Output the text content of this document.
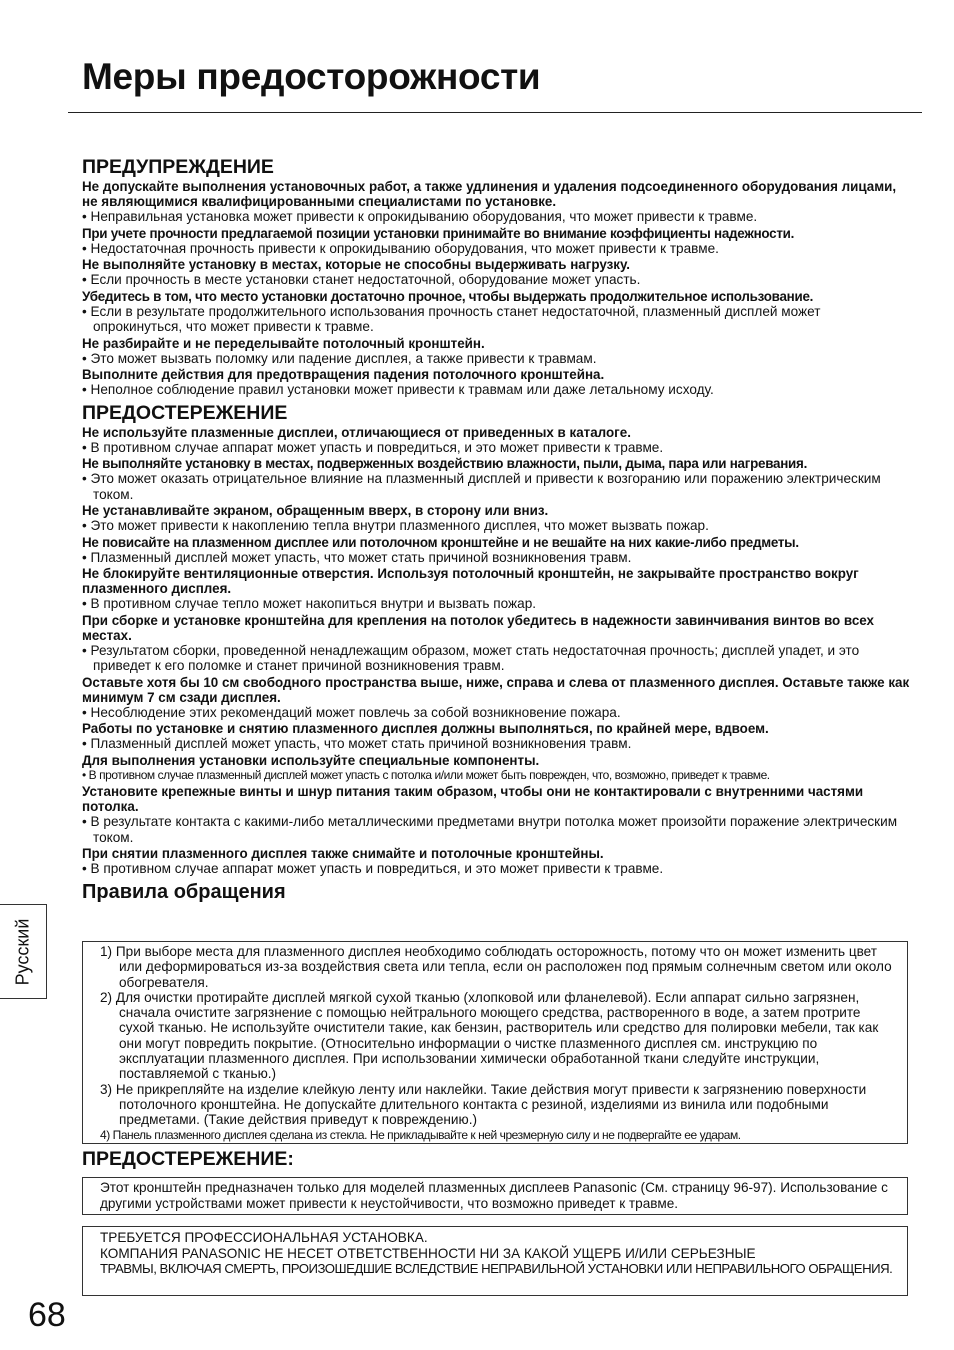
Меры предосторожности
ПРЕДУПРЕЖДЕНИЕ
Не допускайте выполнения установочных работ, а также удлинения и удаления подсоединенного оборудования лицами, не являющимися квалифицированными специалистами по установке.
• Неправильная установка может привести к опрокидыванию оборудования, что может привести к травме.
При учете прочности предлагаемой позиции установки принимайте во внимание коэффициенты надежности.
• Недостаточная прочность привести к опрокидыванию оборудования, что может привести к травме.
Не выполняйте установку в местах, которые не способны выдерживать нагрузку.
• Если прочность в месте установки станет недостаточной, оборудование может упасть.
Убедитесь в том, что место установки достаточно прочное, чтобы выдержать продолжительное использование.
• Если в результате продолжительного использования прочность станет недостаточной, плазменный дисплей может опрокинуться, что может привести к травме.
Не разбирайте и не переделывайте потолочный кронштейн.
• Это может вызвать поломку или падение дисплея, а также привести к травмам.
Выполните действия для предотвращения падения потолочного кронштейна.
• Неполное соблюдение правил установки может привести к травмам или даже летальному исходу.
ПРЕДОСТЕРЕЖЕНИЕ
Не используйте плазменные дисплеи, отличающиеся от приведенных в каталоге.
• В противном случае аппарат может упасть и повредиться, и это может привести к травме.
Не выполняйте установку в местах, подверженных воздействию влажности, пыли, дыма, пара или нагревания.
• Это может оказать отрицательное влияние на плазменный дисплей и привести к возгоранию или поражению электрическим током.
Не устанавливайте экраном, обращенным вверх, в сторону или вниз.
• Это может привести к накоплению тепла внутри плазменного дисплея, что может вызвать пожар.
Не повисайте на плазменном дисплее или потолочном кронштейне и не вешайте на них какие-либо предметы.
• Плазменный дисплей может упасть, что может стать причиной возникновения травм.
Не блокируйте вентиляционные отверстия. Используя потолочный кронштейн, не закрывайте пространство вокруг плазменного дисплея.
• В противном случае тепло может накопиться внутри и вызвать пожар.
При сборке и установке кронштейна для крепления на потолок убедитесь в надежности завинчивания винтов во всех местах.
• Результатом сборки, проведенной ненадлежащим образом, может стать недостаточная прочность; дисплей упадет, и это приведет к его поломке и станет причиной возникновения травм.
Оставьте хотя бы 10 см свободного пространства выше, ниже, справа и слева от плазменного дисплея. Оставьте также как минимум 7 см сзади дисплея.
• Несоблюдение этих рекомендаций может повлечь за собой возникновение пожара.
Работы по установке и снятию плазменного дисплея должны выполняться, по крайней мере, вдвоем.
• Плазменный дисплей может упасть, что может стать причиной возникновения травм.
Для выполнения установки используйте специальные компоненты.
• В противном случае плазменный дисплей может упасть с потолка и/или может быть поврежден, что, возможно, приведет к травме.
Установите крепежные винты и шнур питания таким образом, чтобы они не контактировали с внутренними частями потолка.
• В результате контакта с какими-либо металлическими предметами внутри потолка может произойти поражение электрическим током.
При снятии плазменного дисплея также снимайте и потолочные кронштейны.
• В противном случае аппарат может упасть и повредиться, и это может привести к травме.
Правила обращения
1) При выборе места для плазменного дисплея необходимо соблюдать осторожность, потому что он может изменить цвет или деформироваться из-за воздействия света или тепла, если он расположен под прямым солнечным светом или около обогревателя.
2) Для очистки протирайте дисплей мягкой сухой тканью (хлопковой или фланелевой). Если аппарат сильно загрязнен, сначала очистите загрязнение с помощью нейтрального моющего средства, растворенного в воде, а затем протрите сухой тканью. Не используйте очистители такие, как бензин, растворитель или средство для полировки мебели, так как они могут повредить покрытие. (Относительно информации о чистке плазменного дисплея см. инструкцию по эксплуатации плазменного дисплея. При использовании химически обработанной ткани следуйте инструкции, поставляемой с тканью.)
3) Не прикрепляйте на изделие клейкую ленту или наклейки. Такие действия могут привести к загрязнению поверхности потолочного кронштейна. Не допускайте длительного контакта с резиной, изделиями из винила или подобными предметами. (Такие действия приведут к повреждению.)
4) Панель плазменного дисплея сделана из стекла. Не прикладывайте к ней чрезмерную силу и не подвергайте ее ударам.
ПРЕДОСТЕРЕЖЕНИЕ:
Этот кронштейн предназначен только для моделей плазменных дисплеев Panasonic (См. страницу 96-97). Использование с другими устройствами может привести к неустойчивости, что возможно приведет к травме.
ТРЕБУЕТСЯ ПРОФЕССИОНАЛЬНАЯ УСТАНОВКА.
КОМПАНИЯ PANASONIC НЕ НЕСЕТ ОТВЕТСТВЕННОСТИ НИ ЗА КАКОЙ УЩЕРБ И/ИЛИ СЕРЬЕЗНЫЕ
ТРАВМЫ, ВКЛЮЧАЯ СМЕРТЬ, ПРОИЗОШЕДШИЕ ВСЛЕДСТВИЕ НЕПРАВИЛЬНОЙ УСТАНОВКИ ИЛИ НЕПРАВИЛЬНОГО ОБРАЩЕНИЯ.
Русский
68
